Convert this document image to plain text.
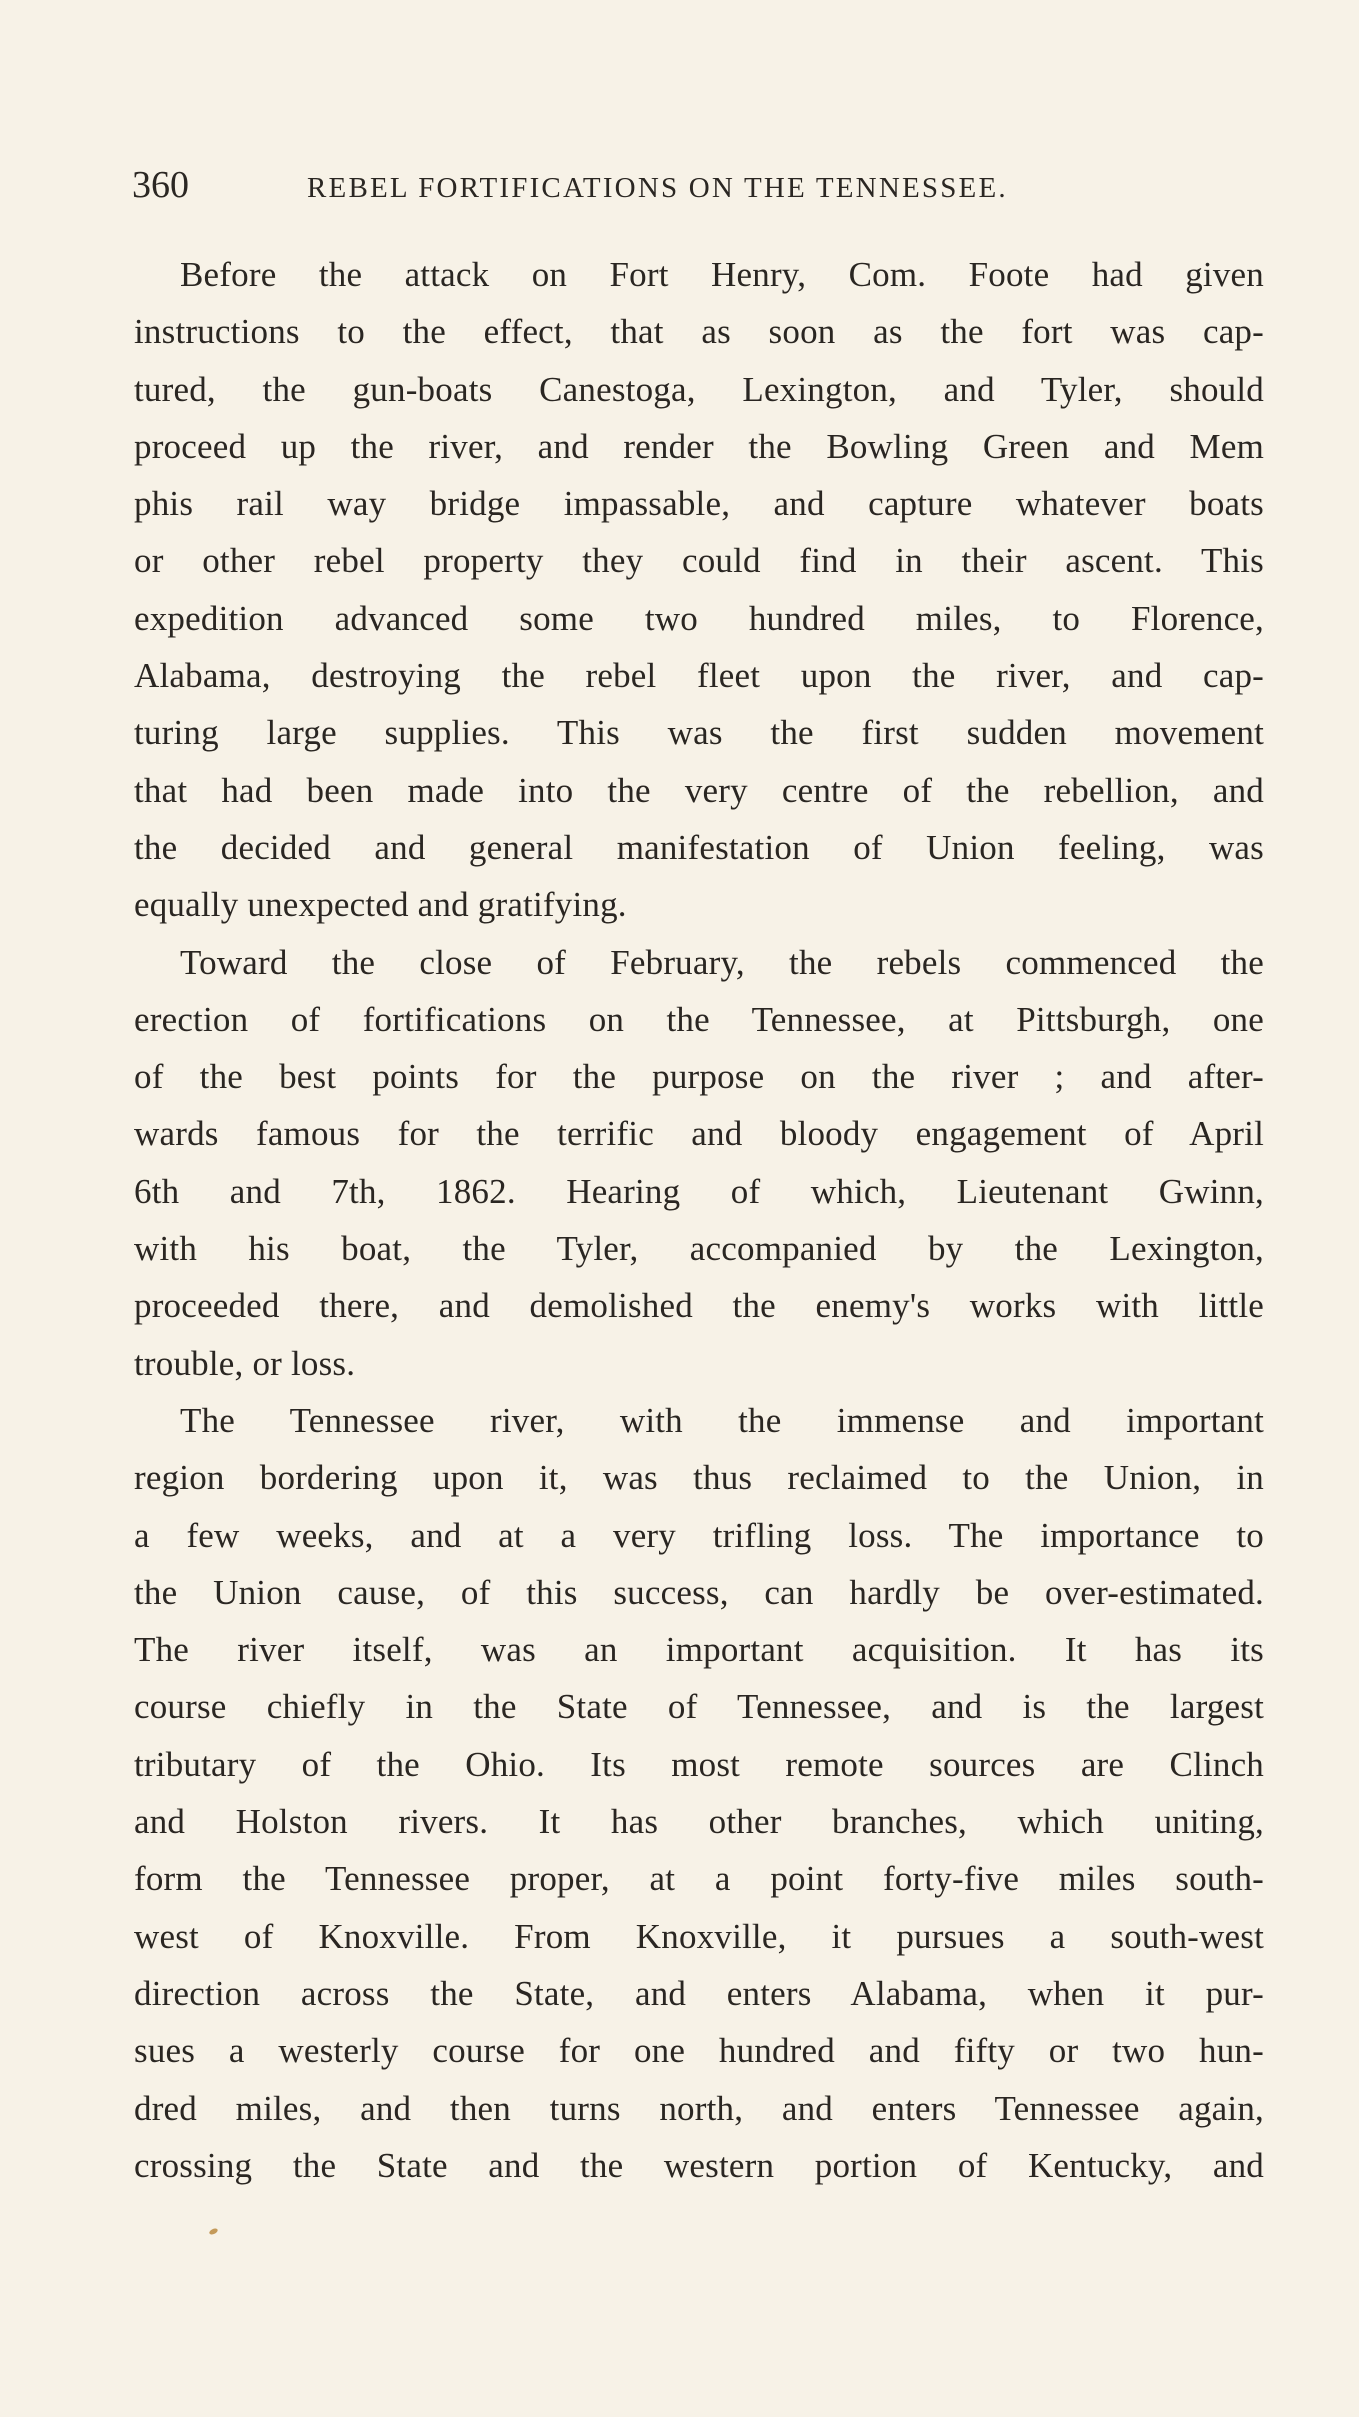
360	REBEL FORTIFICATIONS ON THE TENNESSEE.
Before the attack on Fort Henry, Com. Foote had given
instructions to the effect, that as soon as the fort was cap-
tured, the gun-boats Canestoga, Lexington, and Tyler, should
proceed up the river, and render the Bowling Green and Mem
phis rail way bridge impassable, and capture whatever boats
or other rebel property they could find in their ascent. This
expedition advanced some two hundred miles, to Florence,
Alabama, destroying the rebel fleet upon the river, and cap-
turing large supplies. This was the first sudden movement
that had been made into the very centre of the rebellion, and
the decided and general manifestation of Union feeling, was
equally unexpected and gratifying.
Toward the close of February, the rebels commenced the
erection of fortifications on the Tennessee, at Pittsburgh, one
of the best points for the purpose on the river ; and after-
wards famous for the terrific and bloody engagement of April
6th and 7th, 1862. Hearing of which, Lieutenant Gwinn,
with his boat, the Tyler, accompanied by the Lexington,
proceeded there, and demolished the enemy's works with little
trouble, or loss.
The Tennessee river, with the immense and important
region bordering upon it, was thus reclaimed to the Union, in
a few weeks, and at a very trifling loss. The importance to
the Union cause, of this success, can hardly be over-estimated.
The river itself, was an important acquisition. It has its
course chiefly in the State of Tennessee, and is the largest
tributary of the Ohio. Its most remote sources are Clinch
and Holston rivers. It has other branches, which uniting,
form the Tennessee proper, at a point forty-five miles south-
west of Knoxville. From Knoxville, it pursues a south-west
direction across the State, and enters Alabama, when it pur-
sues a westerly course for one hundred and fifty or two hun-
dred miles, and then turns north, and enters Tennessee again,
crossing the State and the western portion of Kentucky, and
